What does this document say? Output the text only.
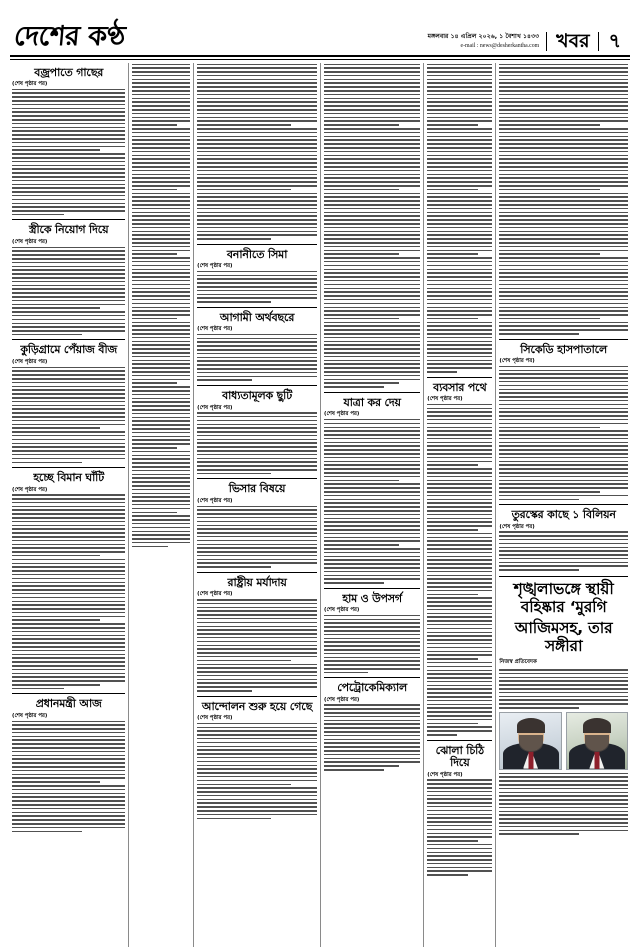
দেশের কণ্ঠ	মঙ্গলবার ১৪ এপ্রিল ২০২৬, ১ বৈশাখ ১৪৩৩
e-mail : news@desherkantha.com খবর	৭
বজ্রপাতে গাছের
(শেষ পৃষ্ঠার পর)
স্ত্রীকে নিয়োগ দিয়ে
(শেষ পৃষ্ঠার পর)
কুড়িগ্রামে পেঁয়াজ বীজ
(শেষ পৃষ্ঠার পর)
হচ্ছে বিমান ঘাঁটি
(শেষ পৃষ্ঠার পর)
প্রধানমন্ত্রী আজ
(শেষ পৃষ্ঠার পর)
বনানীতে সিমা
(শেষ পৃষ্ঠার পর)
আগামী অর্থবছরে
(শেষ পৃষ্ঠার পর)
বাধ্যতামূলক ছুটি
(শেষ পৃষ্ঠার পর)
ভিসার বিষয়ে
(শেষ পৃষ্ঠার পর)
রাষ্ট্রীয় মর্যাদায়
(শেষ পৃষ্ঠার পর)
আন্দোলন শুরু হয়ে গেছে
(শেষ পৃষ্ঠার পর)
যাত্রা কর দেয়
(শেষ পৃষ্ঠার পর)
হাম ও উপসর্গ
(শেষ পৃষ্ঠার পর)
পেট্রোকেমিক্যাল
(শেষ পৃষ্ঠার পর)
ব্যবসার পথে
(শেষ পৃষ্ঠার পর)
ঝোলা চিঠি দিয়ে
(শেষ পৃষ্ঠার পর)
সিকেডি হাসপাতালে
(শেষ পৃষ্ঠার পর)
তুরস্কের কাছে ১ বিলিয়ন
(শেষ পৃষ্ঠার পর)
শৃঙ্খলাভঙ্গে স্থায়ী বহিষ্কার ‘মুরগি
আজিমসহ, তার সঙ্গীরা
নিজস্ব প্রতিবেদক
